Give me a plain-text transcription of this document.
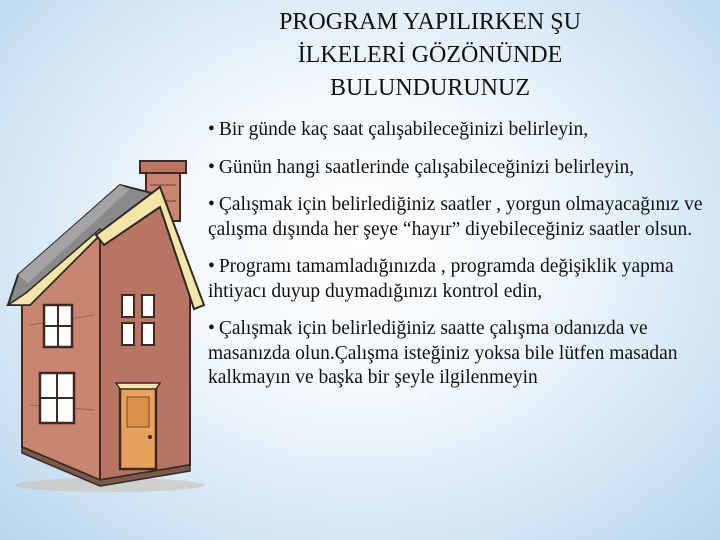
PROGRAM YAPILIRKEN ŞU
İLKELERİ GÖZÖNÜNDE
BULUNDURUNUZ
• Bir günde kaç saat çalışabileceğinizi belirleyin,
• Günün hangi saatlerinde çalışabileceğinizi belirleyin,
• Çalışmak için belirlediğiniz saatler , yorgun olmayacağınız ve çalışma dışında her şeye “hayır” diyebileceğiniz saatler olsun.
• Programı tamamladığınızda , programda değişiklik yapma ihtiyacı duyup duymadığınızı kontrol edin,
• Çalışmak için belirlediğiniz saatte çalışma odanızda ve masanızda olun.Çalışma isteğiniz yoksa bile lütfen masadan kalkmayın ve başka bir şeyle ilgilenmeyin
